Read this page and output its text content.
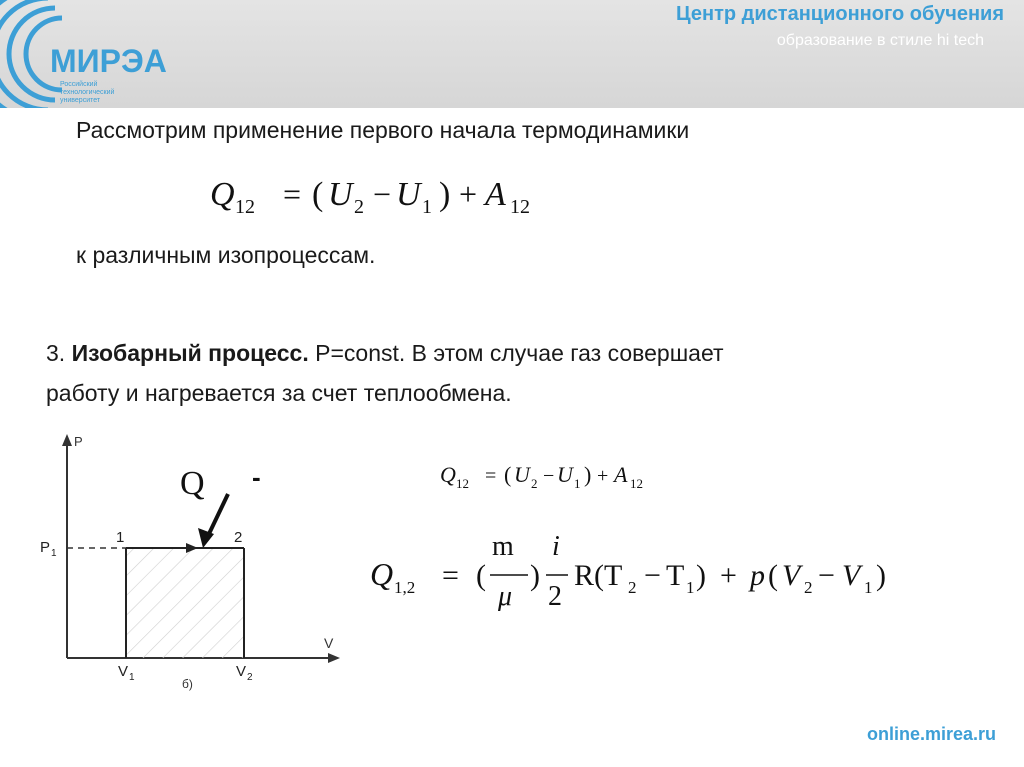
МИРЭА
Российский
технологический
университет
Центр дистанционного обучения
образование в стиле hi tech
Рассмотрим применение первого начала термодинамики
Q 12 = ( U 2 − U 1 ) + A 12
к различным изопроцессам.
3. Изобарный процесс. P=const. В этом случае газ совершает
работу и нагревается за счет теплообмена.
P
V
P 1
1	2
V 1	V 2
б)
Q -	Q 12 = ( U 2 − U 1 ) + A 12
Q 1,2 = (
m
μ
)
i
2
R(T 2 − T 1 ) + p ( V 2 − V 1 )
online.mirea.ru
